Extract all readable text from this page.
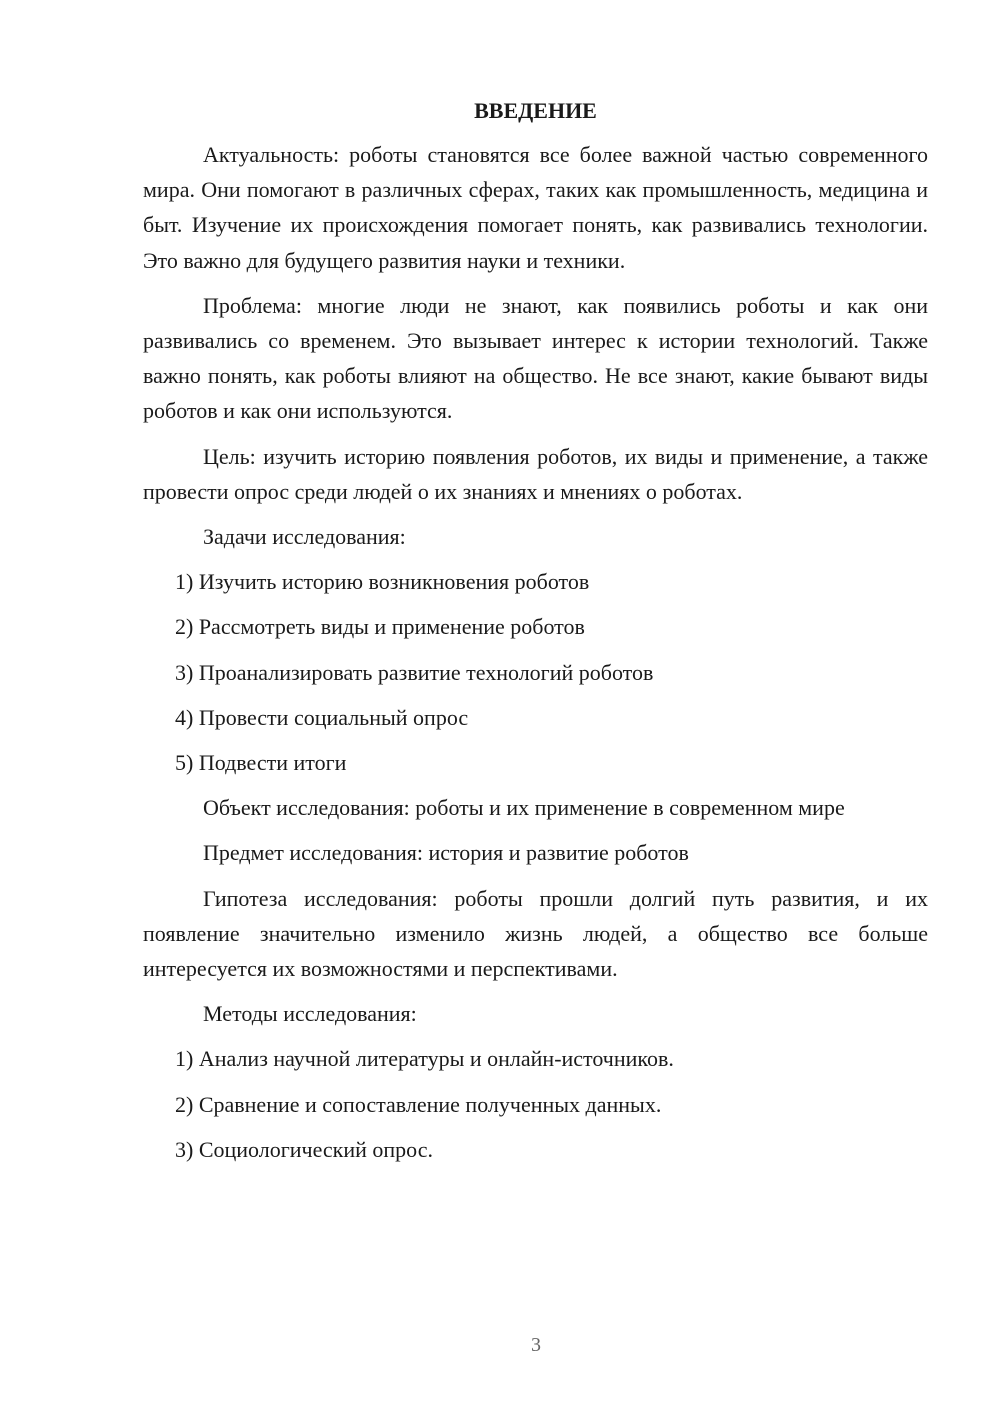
ВВЕДЕНИЕ

Актуальность: роботы становятся все более важной частью современного мира. Они помогают в различных сферах, таких как промышленность, медицина и быт. Изучение их происхождения помогает понять, как развивались технологии. Это важно для будущего развития науки и техники.

Проблема: многие люди не знают, как появились роботы и как они развивались со временем. Это вызывает интерес к истории технологий. Также важно понять, как роботы влияют на общество. Не все знают, какие бывают виды роботов и как они используются.

Цель: изучить историю появления роботов, их виды и применение, а также провести опрос среди людей о их знаниях и мнениях о роботах.

Задачи исследования:
1) Изучить историю возникновения роботов
2) Рассмотреть виды и применение роботов
3) Проанализировать развитие технологий роботов
4) Провести социальный опрос
5) Подвести итоги
Объект исследования: роботы и их применение в современном мире
Предмет исследования: история и развитие роботов

Гипотеза исследования: роботы прошли долгий путь развития, и их появление значительно изменило жизнь людей, а общество все больше интересуется их возможностями и перспективами.

Методы исследования:
1) Анализ научной литературы и онлайн-источников.
2) Сравнение и сопоставление полученных данных.
3) Социологический опрос.
3
